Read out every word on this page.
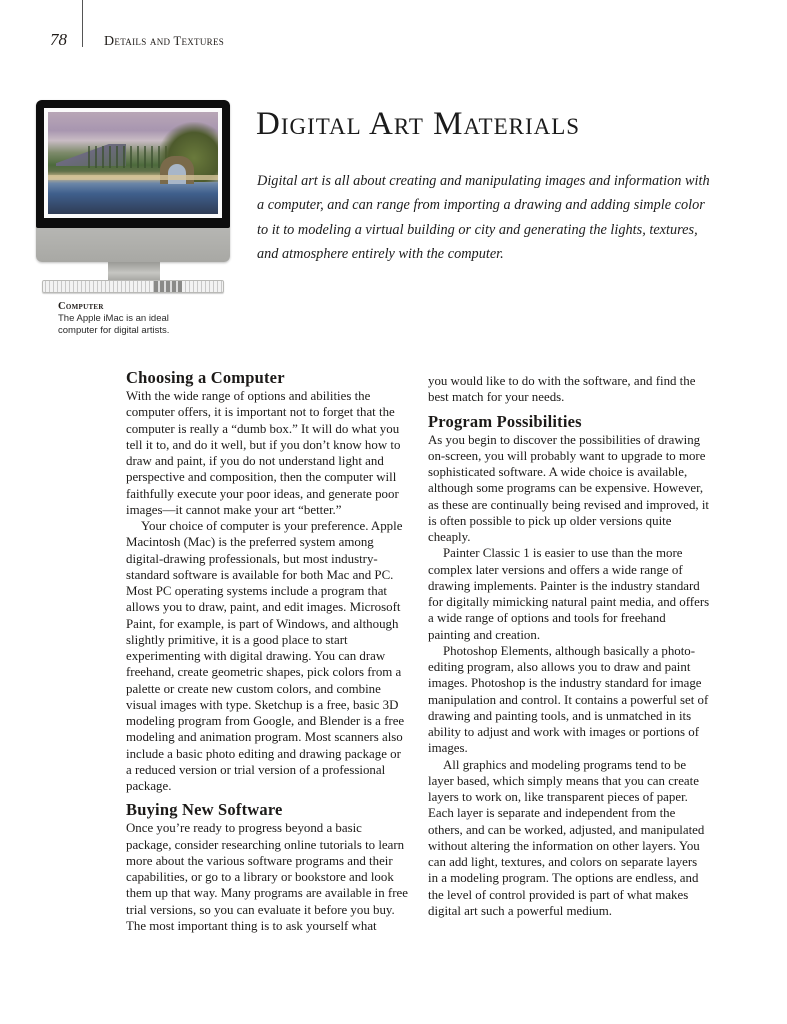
78	Details and Textures
Computer
The Apple iMac is an ideal computer for digital artists.
Digital Art Materials

Digital art is all about creating and manipulating images and information with a computer, and can range from importing a drawing and adding simple color to it to modeling a virtual building or city and generating the lights, textures, and atmosphere entirely with the computer.

Choosing a Computer

With the wide range of options and abilities the computer offers, it is important not to forget that the computer is really a “dumb box.” It will do what you tell it to, and do it well, but if you don’t know how to draw and paint, if you do not understand light and perspective and composition, then the computer will faithfully execute your poor ideas, and generate poor images—it cannot make your art “better.”

Your choice of computer is your preference. Apple Macintosh (Mac) is the preferred system among digital-drawing professionals, but most industry-standard software is available for both Mac and PC. Most PC operating systems include a program that allows you to draw, paint, and edit images. Microsoft Paint, for example, is part of Windows, and although slightly primitive, it is a good place to start experimenting with digital drawing. You can draw freehand, create geometric shapes, pick colors from a palette or create new custom colors, and combine visual images with type. Sketchup is a free, basic 3D modeling program from Google, and Blender is a free modeling and animation program. Most scanners also include a basic photo editing and drawing package or a reduced version or trial version of a professional package.

Buying New Software

Once you’re ready to progress beyond a basic package, consider researching online tutorials to learn more about the various software programs and their capabilities, or go to a library or bookstore and look them up that way. Many programs are available in free trial versions, so you can evaluate it before you buy. The most important thing is to ask yourself what

you would like to do with the software, and find the best match for your needs.

Program Possibilities

As you begin to discover the possibilities of drawing on-screen, you will probably want to upgrade to more sophisticated software. A wide choice is available, although some programs can be expensive. However, as these are continually being revised and improved, it is often possible to pick up older versions quite cheaply.

Painter Classic 1 is easier to use than the more complex later versions and offers a wide range of drawing implements. Painter is the industry standard for digitally mimicking natural paint media, and offers a wide range of options and tools for freehand painting and creation.

Photoshop Elements, although basically a photo-editing program, also allows you to draw and paint images. Photoshop is the industry standard for image manipulation and control. It contains a powerful set of drawing and painting tools, and is unmatched in its ability to adjust and work with images or portions of images.

All graphics and modeling programs tend to be layer based, which simply means that you can create layers to work on, like transparent pieces of paper. Each layer is separate and independent from the others, and can be worked, adjusted, and manipulated without altering the information on other layers. You can add light, textures, and colors on separate layers in a modeling program. The options are endless, and the level of control provided is part of what makes digital art such a powerful medium.
